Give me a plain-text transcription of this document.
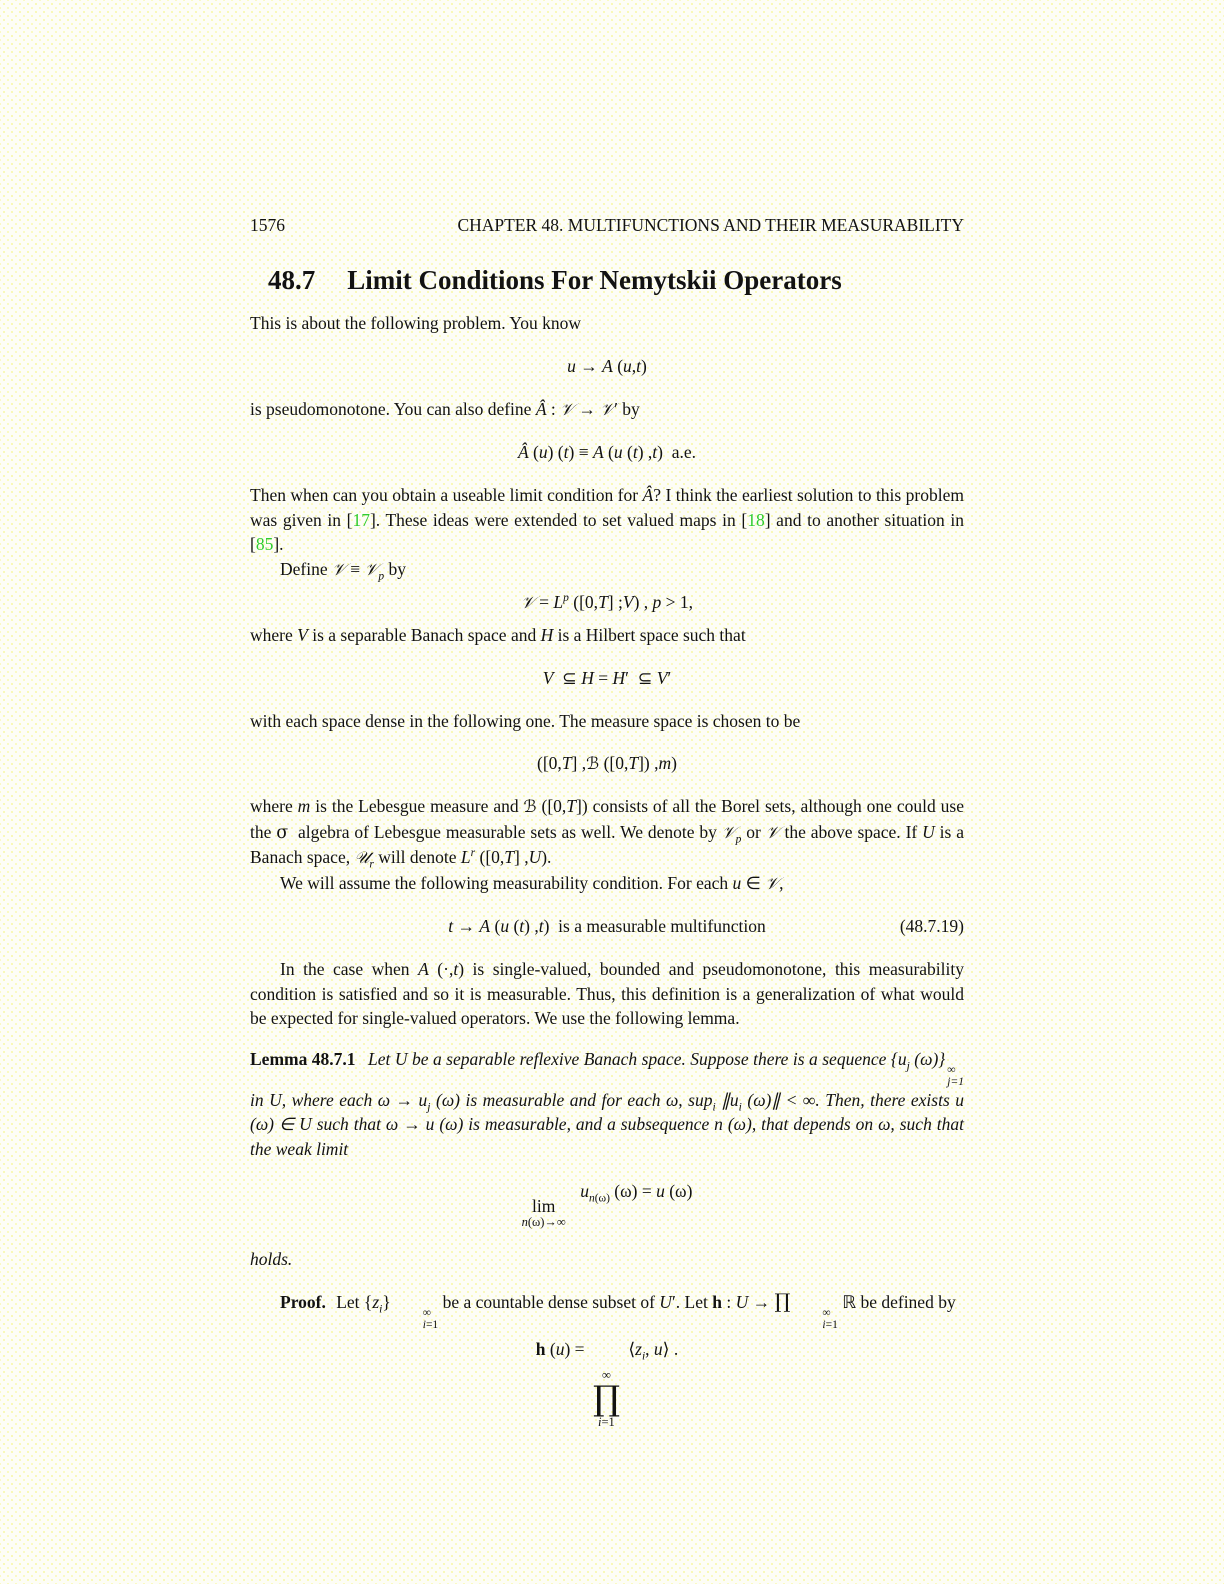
1576	CHAPTER 48. MULTIFUNCTIONS AND THEIR MEASURABILITY
48.7 Limit Conditions For Nemytskii Operators

This is about the following problem. You know

u → A (u,t)

is pseudomonotone. You can also define Â : 𝒱 → 𝒱′ by

Â (u) (t) ≡ A (u (t) ,t)  a.e.

Then when can you obtain a useable limit condition for Â? I think the earliest solution to this problem was given in [17]. These ideas were extended to set valued maps in [18] and to another situation in [85].

Define 𝒱 ≡ 𝒱$_p$ by

𝒱 = $L^p$ ([0,T] ;V) , p > 1,

where V is a separable Banach space and H is a Hilbert space such that

V  ⊆ H = H′  ⊆ V′

with each space dense in the following one. The measure space is chosen to be

([0,T] ,ℬ ([0,T]) ,m)

where m is the Lebesgue measure and ℬ ([0,T]) consists of all the Borel sets, although one could use the σ  algebra of Lebesgue measurable sets as well. We denote by 𝒱$_p$ or 𝒱 the above space. If U is a Banach space, 𝒰$_r$ will denote $L^r$ ([0,T] ,U).

We will assume the following measurability condition. For each u ∈ 𝒱,

t → A (u (t) ,t)  is a measurable multifunction	(48.7.19)

In the case when A (·,t) is single-valued, bounded and pseudomonotone, this measurability condition is satisfied and so it is measurable. Thus, this definition is a generalization of what would be expected for single-valued operators. We use the following lemma.

Lemma 48.7.1 Let U be a separable reflexive Banach space. Suppose there is a sequence {$u_j$ (ω)}
∞
j=1
in U, where each $\omega \to u_j$ (ω) is measurable and for each ω, sup$_i$ $\parallel u_i$ (ω)∥ < ∞. Then, there exists u (ω) ∈ U such that ω → u (ω) is measurable, and a subsequence n (ω), that depends on ω, such that the weak limit

lim
n(ω)→∞
$u_{n(\omega)}$ (ω) = u (ω)

holds.

Proof. Let $\{z_i\}$
∞
i=1
be a countable dense subset of U′. Let h : U → ∏	∞
i=1
ℝ be defined by

h (u) =
∞
∏
i=1
$⟨z_i$, u⟩ .
